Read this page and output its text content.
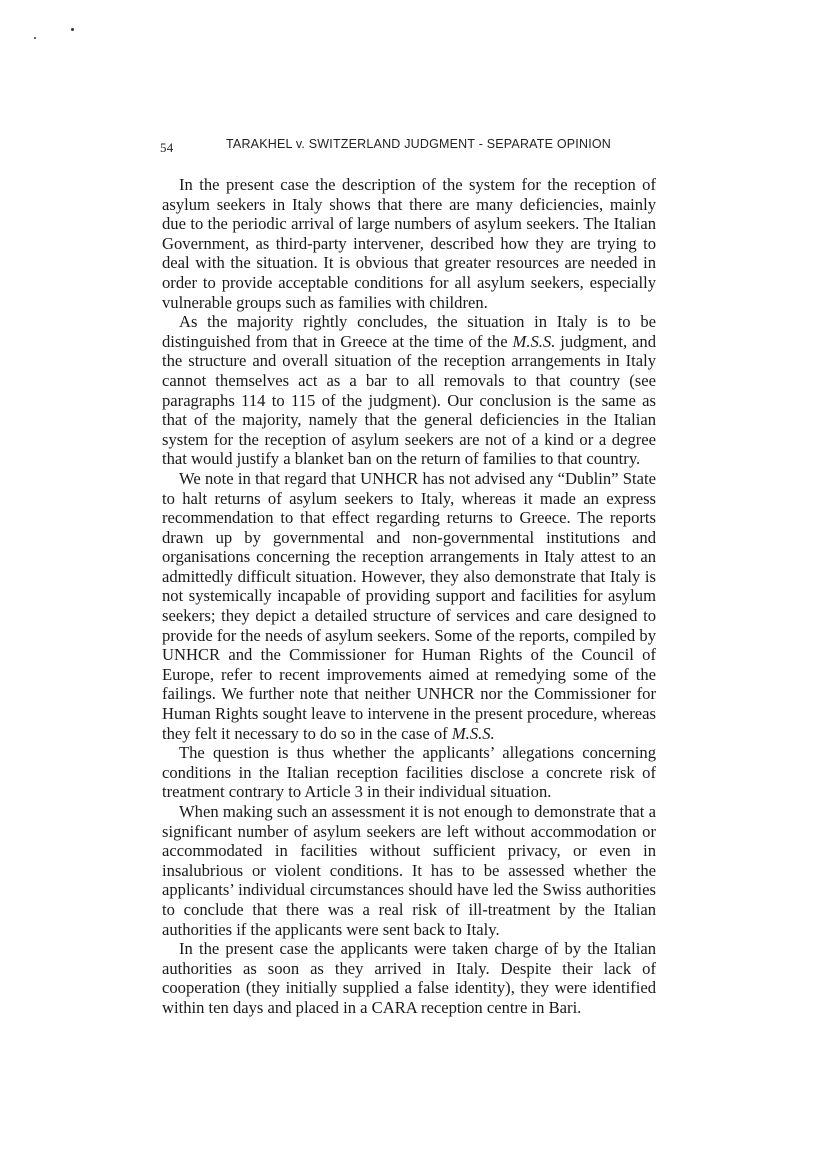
54	TARAKHEL v. SWITZERLAND JUDGMENT - SEPARATE OPINION

In the present case the description of the system for the reception of asylum seekers in Italy shows that there are many deficiencies, mainly due to the periodic arrival of large numbers of asylum seekers. The Italian Government, as third-party intervener, described how they are trying to deal with the situation. It is obvious that greater resources are needed in order to provide acceptable conditions for all asylum seekers, especially vulnerable groups such as families with children.

As the majority rightly concludes, the situation in Italy is to be distinguished from that in Greece at the time of the M.S.S. judgment, and the structure and overall situation of the reception arrangements in Italy cannot themselves act as a bar to all removals to that country (see paragraphs 114 to 115 of the judgment). Our conclusion is the same as that of the majority, namely that the general deficiencies in the Italian system for the reception of asylum seekers are not of a kind or a degree that would justify a blanket ban on the return of families to that country.

We note in that regard that UNHCR has not advised any “Dublin” State to halt returns of asylum seekers to Italy, whereas it made an express recommendation to that effect regarding returns to Greece. The reports drawn up by governmental and non-governmental institutions and organisations concerning the reception arrangements in Italy attest to an admittedly difficult situation. However, they also demonstrate that Italy is not systemically incapable of providing support and facilities for asylum seekers; they depict a detailed structure of services and care designed to provide for the needs of asylum seekers. Some of the reports, compiled by UNHCR and the Commissioner for Human Rights of the Council of Europe, refer to recent improvements aimed at remedying some of the failings. We further note that neither UNHCR nor the Commissioner for Human Rights sought leave to intervene in the present procedure, whereas they felt it necessary to do so in the case of M.S.S.

The question is thus whether the applicants’ allegations concerning conditions in the Italian reception facilities disclose a concrete risk of treatment contrary to Article 3 in their individual situation.

When making such an assessment it is not enough to demonstrate that a significant number of asylum seekers are left without accommodation or accommodated in facilities without sufficient privacy, or even in insalubrious or violent conditions. It has to be assessed whether the applicants’ individual circumstances should have led the Swiss authorities to conclude that there was a real risk of ill-treatment by the Italian authorities if the applicants were sent back to Italy.

In the present case the applicants were taken charge of by the Italian authorities as soon as they arrived in Italy. Despite their lack of cooperation (they initially supplied a false identity), they were identified within ten days and placed in a CARA reception centre in Bari.
